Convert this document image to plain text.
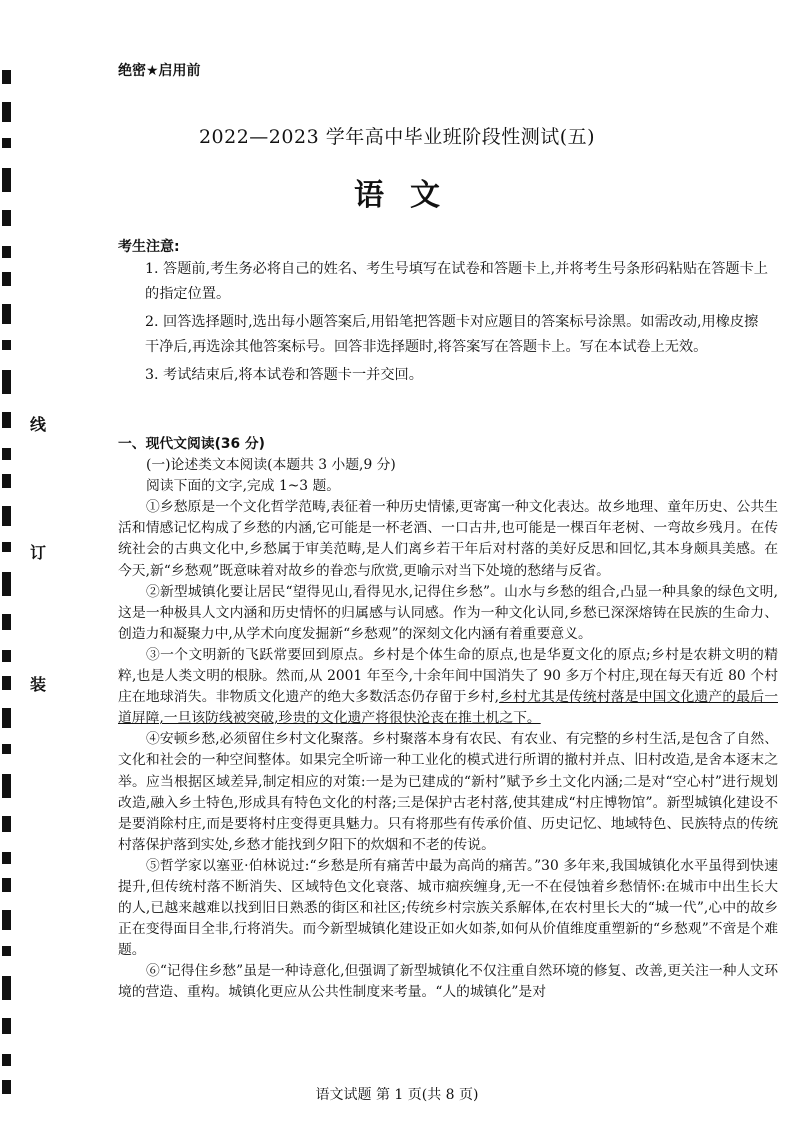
线
订
装
绝密★启用前
2022—2023 学年高中毕业班阶段性测试(五)
语文
考生注意:

1. 答题前,考生务必将自己的姓名、考生号填写在试卷和答题卡上,并将考生号条形码粘贴在答题卡上的指定位置。

2. 回答选择题时,选出每小题答案后,用铅笔把答题卡对应题目的答案标号涂黑。如需改动,用橡皮擦干净后,再选涂其他答案标号。回答非选择题时,将答案写在答题卡上。写在本试卷上无效。

3. 考试结束后,将本试卷和答题卡一并交回。

一、现代文阅读(36 分)
(一)论述类文本阅读(本题共 3 小题,9 分)
阅读下面的文字,完成 1~3 题。

①乡愁原是一个文化哲学范畴,表征着一种历史情愫,更寄寓一种文化表达。故乡地理、童年历史、公共生活和情感记忆构成了乡愁的内涵,它可能是一杯老酒、一口古井,也可能是一棵百年老树、一弯故乡残月。在传统社会的古典文化中,乡愁属于审美范畴,是人们离乡若干年后对村落的美好反思和回忆,其本身颇具美感。在今天,新“乡愁观”既意味着对故乡的眷恋与欣赏,更喻示对当下处境的愁绪与反省。

②新型城镇化要让居民“望得见山,看得见水,记得住乡愁”。山水与乡愁的组合,凸显一种具象的绿色文明,这是一种极具人文内涵和历史情怀的归属感与认同感。作为一种文化认同,乡愁已深深熔铸在民族的生命力、创造力和凝聚力中,从学术向度发掘新“乡愁观”的深刻文化内涵有着重要意义。

③一个文明新的飞跃常要回到原点。乡村是个体生命的原点,也是华夏文化的原点;乡村是农耕文明的精粹,也是人类文明的根脉。然而,从 2001 年至今,十余年间中国消失了 90 多万个村庄,现在每天有近 80 个村庄在地球消失。非物质文化遗产的绝大多数活态仍存留于乡村,乡村尤其是传统村落是中国文化遗产的最后一道屏障,一旦该防线被突破,珍贵的文化遗产将很快沦丧在推土机之下。

④安顿乡愁,必须留住乡村文化聚落。乡村聚落本身有农民、有农业、有完整的乡村生活,是包含了自然、文化和社会的一种空间整体。如果完全听谛一种工业化的模式进行所谓的撤村并点、旧村改造,是舍本逐末之举。应当根据区域差异,制定相应的对策:一是为已建成的“新村”赋予乡土文化内涵;二是对“空心村”进行规划改造,融入乡土特色,形成具有特色文化的村落;三是保护古老村落,使其建成“村庄博物馆”。新型城镇化建设不是要消除村庄,而是要将村庄变得更具魅力。只有将那些有传承价值、历史记忆、地域特色、民族特点的传统村落保护落到实处,乡愁才能找到夕阳下的炊烟和不老的传说。

⑤哲学家以塞亚·伯林说过:“乡愁是所有痛苦中最为高尚的痛苦。”30 多年来,我国城镇化水平虽得到快速提升,但传统村落不断消失、区域特色文化衰落、城市痼疾缠身,无一不在侵蚀着乡愁情怀:在城市中出生长大的人,已越来越难以找到旧日熟悉的街区和社区;传统乡村宗族关系解体,在农村里长大的“城一代”,心中的故乡正在变得面目全非,行将消失。而今新型城镇化建设正如火如荼,如何从价值维度重塑新的“乡愁观”不啻是个难题。

⑥“记得住乡愁”虽是一种诗意化,但强调了新型城镇化不仅注重自然环境的修复、改善,更关注一种人文环境的营造、重构。城镇化更应从公共性制度来考量。“人的城镇化”是对

语文试题 第 1 页(共 8 页)
